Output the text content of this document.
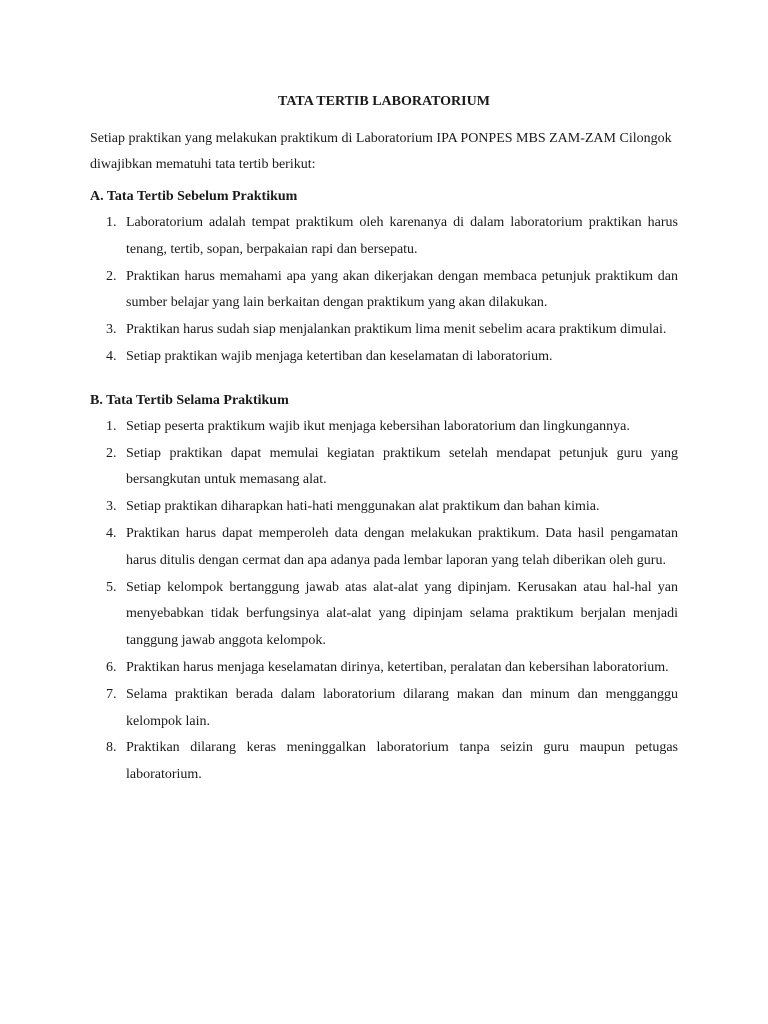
TATA TERTIB LABORATORIUM

Setiap praktikan yang melakukan praktikum di Laboratorium IPA PONPES MBS ZAM-ZAM Cilongok diwajibkan mematuhi tata tertib berikut:

A. Tata Tertib Sebelum Praktikum
1. Laboratorium adalah tempat praktikum oleh karenanya di dalam laboratorium praktikan harus tenang, tertib, sopan, berpakaian rapi dan bersepatu.
2. Praktikan harus memahami apa yang akan dikerjakan dengan membaca petunjuk praktikum dan sumber belajar yang lain berkaitan dengan praktikum yang akan dilakukan.
3. Praktikan harus sudah siap menjalankan praktikum lima menit sebelim acara praktikum dimulai.
4. Setiap praktikan wajib menjaga ketertiban dan keselamatan di laboratorium.
B. Tata Tertib Selama Praktikum
1. Setiap peserta praktikum wajib ikut menjaga kebersihan laboratorium dan lingkungannya.
2. Setiap praktikan dapat memulai kegiatan praktikum setelah mendapat petunjuk guru yang bersangkutan untuk memasang alat.
3. Setiap praktikan diharapkan hati-hati menggunakan alat praktikum dan bahan kimia.
4. Praktikan harus dapat memperoleh data dengan melakukan praktikum. Data hasil pengamatan harus ditulis dengan cermat dan apa adanya pada lembar laporan yang telah diberikan oleh guru.
5. Setiap kelompok bertanggung jawab atas alat-alat yang dipinjam. Kerusakan atau hal-hal yan menyebabkan tidak berfungsinya alat-alat yang dipinjam selama praktikum berjalan menjadi tanggung jawab anggota kelompok.
6. Praktikan harus menjaga keselamatan dirinya, ketertiban, peralatan dan kebersihan laboratorium.
7. Selama praktikan berada dalam laboratorium dilarang makan dan minum dan mengganggu kelompok lain.
8. Praktikan dilarang keras meninggalkan laboratorium tanpa seizin guru maupun petugas laboratorium.
